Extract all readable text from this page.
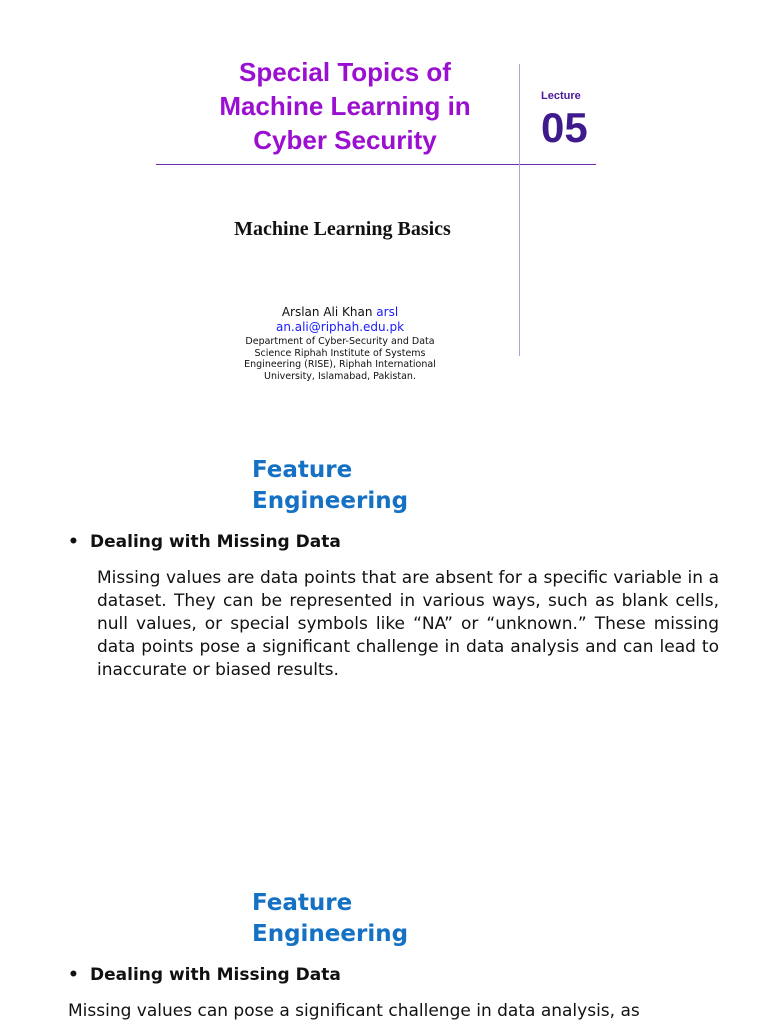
Special Topics of
Machine Learning in
Cyber Security
Lecture
05
Machine Learning Basics
Arslan Ali Khan arsl
an.ali@riphah.edu.pk
Department of Cyber-Security and Data Science Riphah Institute of Systems Engineering (RISE), Riphah International University, Islamabad, Pakistan.
Feature
Engineering
• Dealing with Missing Data
Missing values are data points that are absent for a specific variable in a dataset. They can be represented in various ways, such as blank cells, null values, or special symbols like “NA” or “unknown.” These missing data points pose a significant challenge in data analysis and can lead to inaccurate or biased results.
Feature
Engineering
• Dealing with Missing Data
Missing values can pose a significant challenge in data analysis, as
